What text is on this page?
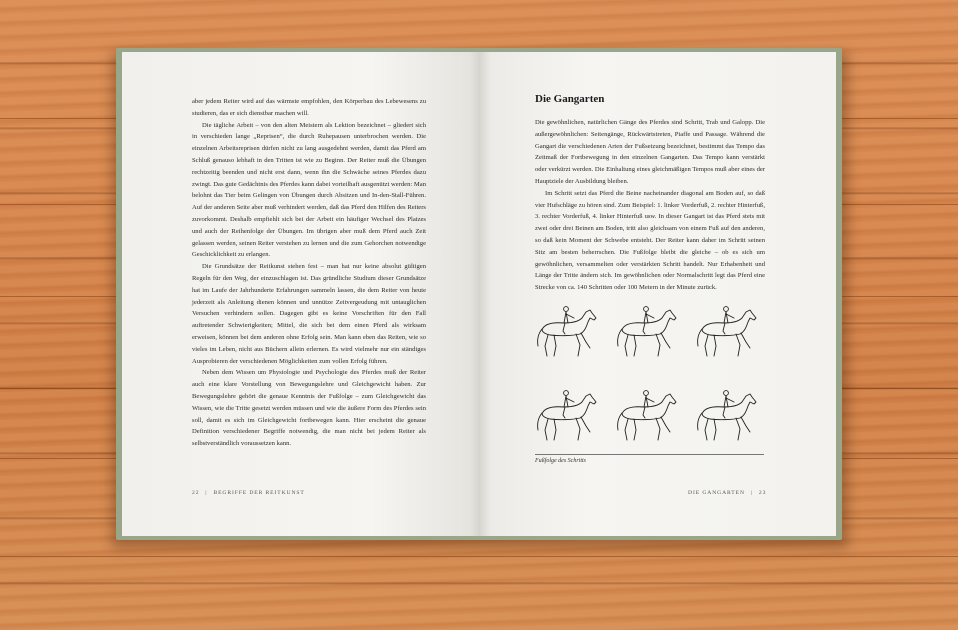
aber jedem Reiter wird auf das wärmste empfohlen, den Körperbau des Lebewesens zu studieren, das er sich dienstbar machen will.

Die tägliche Arbeit – von den alten Meistern als Lektion bezeichnet – gliedert sich in verschieden lange „Reprisen“, die durch Ruhepausen unterbrochen werden. Die einzelnen Arbeitsreprisen dürfen nicht zu lang ausgedehnt werden, damit das Pferd am Schluß genauso lebhaft in den Tritten ist wie zu Beginn. Der Reiter muß die Übungen rechtzeitig beenden und nicht erst dann, wenn ihn die Schwäche seines Pferdes dazu zwingt. Das gute Gedächtnis des Pferdes kann dabei vorteilhaft ausgenützt werden: Man belohnt das Tier beim Gelingen von Übungen durch Absitzen und In-den-Stall-Führen. Auf der anderen Seite aber muß verhindert werden, daß das Pferd den Hilfen des Reiters zuvorkommt. Deshalb empfiehlt sich bei der Arbeit ein häufiger Wechsel des Platzes und auch der Reihenfolge der Übungen. Im übrigen aber muß dem Pferd auch Zeit gelassen werden, seinen Reiter verstehen zu lernen und die zum Gehorchen notwendige Geschicklichkeit zu erlangen.

Die Grundsätze der Reitkunst stehen fest – man hat nur keine absolut gültigen Regeln für den Weg, der einzuschlagen ist. Das gründliche Studium dieser Grundsätze hat im Laufe der Jahrhunderte Erfahrungen sammeln lassen, die dem Reiter von heute jederzeit als Anleitung dienen können und unnütze Zeitvergeudung mit untauglichen Versuchen verhindern sollen. Dagegen gibt es keine Vorschriften für den Fall auftretender Schwierigkeiten; Mittel, die sich bei dem einen Pferd als wirksam erweisen, können bei dem anderen ohne Erfolg sein. Man kann eben das Reiten, wie so vieles im Leben, nicht aus Büchern allein erlernen. Es wird vielmehr nur ein ständiges Ausprobieren der verschiedenen Möglichkeiten zum vollen Erfolg führen.

Neben dem Wissen um Physiologie und Psychologie des Pferdes muß der Reiter auch eine klare Vorstellung von Bewegungslehre und Gleichgewicht haben. Zur Bewegungslehre gehört die genaue Kenntnis der Fußfolge – zum Gleichgewicht das Wissen, wie die Tritte gesetzt werden müssen und wie die äußere Form des Pferdes sein soll, damit es sich im Gleichgewicht fortbewegen kann. Hier erscheint die genaue Definition verschiedener Begriffe notwendig, die man nicht bei jedem Reiter als selbstverständlich voraussetzen kann.

22 | BEGRIFFE DER REITKUNST
Die Gangarten

Die gewöhnlichen, natürlichen Gänge des Pferdes sind Schritt, Trab und Galopp. Die außergewöhnlichen: Seitengänge, Rückwärtstreten, Piaffe und Passage. Während die Gangart die verschiedenen Arten der Fußsetzung bezeichnet, bestimmt das Tempo das Zeitmaß der Fortbewegung in den einzelnen Gangarten. Das Tempo kann verstärkt oder verkürzt werden. Die Einhaltung eines gleichmäßigen Tempos muß aber eines der Hauptziele der Ausbildung bleiben.

Im Schritt setzt das Pferd die Beine nacheinander diagonal am Boden auf, so daß vier Hufschläge zu hören sind. Zum Beispiel: 1. linker Vorderfuß, 2. rechter Hinterfuß, 3. rechter Vorderfuß, 4. linker Hinterfuß usw. In dieser Gangart ist das Pferd stets mit zwei oder drei Beinen am Boden, tritt also gleichsam von einem Fuß auf den anderen, so daß kein Moment der Schwebe entsteht. Der Reiter kann daher im Schritt seinen Sitz am besten beherrschen. Die Fußfolge bleibt die gleiche – ob es sich um gewöhnlichen, versammelten oder verstärkten Schritt handelt. Nur Erhabenheit und Länge der Tritte ändern sich. Im gewöhnlichen oder Normalschritt legt das Pferd eine Strecke von ca. 140 Schritten oder 100 Metern in der Minute zurück.

Fußfolge des Schritts
DIE GANGARTEN | 23
